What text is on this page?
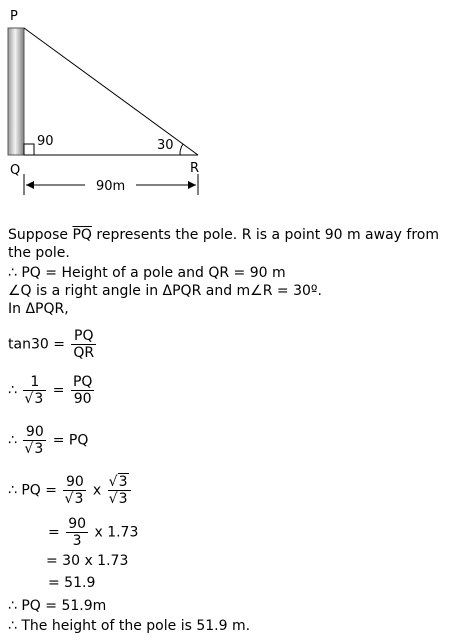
P
Q	R
90	30
90m
Suppose $\overline{PQ}$ represents the pole. R is a point 90 m away from
the pole.
∴ PQ = Height of a pole and QR = 90 m
∠Q is a right angle in ΔPQR and m∠R = 30º.
In ΔPQR,
$\tan 30 = \frac{PQ}{QR}$
∴ 1
√ $3 = \frac{PQ}{90}$
∴ 90
√ 3 = PQ
∴ PQ = 90
√ 3 x √ 3
√ 3
= $\frac{90}{3}$ x 1.73
= 30 x 1.73
= 51.9
∴ PQ = 51.9m
∴ The height of the pole is 51.9 m.
